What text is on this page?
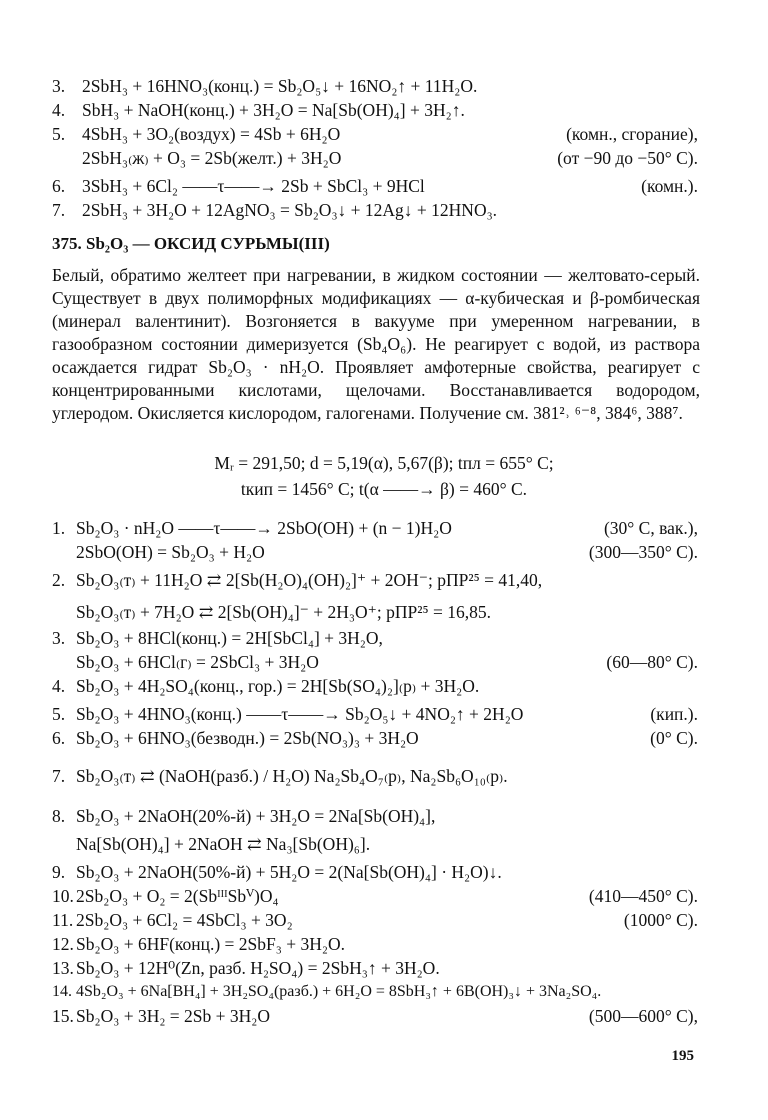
3. 2SbH₃ + 16HNO₃(конц.) = Sb₂O₅↓ + 16NO₂↑ + 11H₂O.
4. SbH₃ + NaOH(конц.) + 3H₂O = Na[Sb(OH)₄] + 3H₂↑.
5. 4SbH₃ + 3O₂(воздух) = 4Sb + 6H₂O	(комн., сгорание),
2SbH₃₍ж₎ + O₃ = 2Sb(желт.) + 3H₂O	(от −90 до −50° С).
6. 3SbH₃ + 6Cl₂ ——τ——→ 2Sb + SbCl₃ + 9HCl	(комн.).
7. 2SbH₃ + 3H₂O + 12AgNO₃ = Sb₂O₃↓ + 12Ag↓ + 12HNO₃.
375. Sb₂O₃ — ОКСИД СУРЬМЫ(III)

Белый, обратимо желтеет при нагревании, в жидком состоянии — желтовато-серый. Существует в двух полиморфных модификациях — α-кубическая и β-ромбическая (минерал валентинит). Возгоняется в вакууме при умеренном нагревании, в газообразном состоянии димеризуется (Sb₄O₆). Не реагирует с водой, из раствора осаждается гидрат Sb₂O₃ · nH₂O. Проявляет амфотерные свойства, реагирует с концентрированными кислотами, щелочами. Восстанавливается водородом, углеродом. Окисляется кислородом, галогенами. Получение см. 381²˒ ⁶⁻⁸, 384⁶, 388⁷.

Mᵣ = 291,50; d = 5,19(α), 5,67(β); tпл = 655° С;
tкип = 1456° С; t(α ——→ β) = 460° С.
1. Sb₂O₃ · nH₂O ——τ——→ 2SbO(OH) + (n − 1)H₂O	(30° С, вак.),
2SbO(OH) = Sb₂O₃ + H₂O	(300—350° С).
2. Sb₂O₃₍т₎ + 11H₂O ⇄ 2[Sb(H₂O)₄(OH)₂]⁺ + 2OH⁻; рПР²⁵ = 41,40,
Sb₂O₃₍т₎ + 7H₂O ⇄ 2[Sb(OH)₄]⁻ + 2H₃O⁺; рПР²⁵ = 16,85.
3. Sb₂O₃ + 8HCl(конц.) = 2H[SbCl₄] + 3H₂O,
Sb₂O₃ + 6HCl₍г₎ = 2SbCl₃ + 3H₂O	(60—80° С).
4. Sb₂O₃ + 4H₂SO₄(конц., гор.) = 2H[Sb(SO₄)₂]₍р₎ + 3H₂O.
5. Sb₂O₃ + 4HNO₃(конц.) ——τ——→ Sb₂O₅↓ + 4NO₂↑ + 2H₂O	(кип.).
6. Sb₂O₃ + 6HNO₃(безводн.) = 2Sb(NO₃)₃ + 3H₂O	(0° С).
7. Sb₂O₃₍т₎ ⇄ (NaOH(разб.) / H₂O) Na₂Sb₄O₇₍р₎, Na₂Sb₆O₁₀₍р₎.
8. Sb₂O₃ + 2NaOH(20%-й) + 3H₂O = 2Na[Sb(OH)₄],
Na[Sb(OH)₄] + 2NaOH ⇄ Na₃[Sb(OH)₆].
9. Sb₂O₃ + 2NaOH(50%-й) + 5H₂O = 2(Na[Sb(OH)₄] · H₂O)↓.
10. 2Sb₂O₃ + O₂ = 2(SbᴵᴵᴵSbⱽ)O₄	(410—450° С).
11. 2Sb₂O₃ + 6Cl₂ = 4SbCl₃ + 3O₂	(1000° С).
12. Sb₂O₃ + 6HF(конц.) = 2SbF₃ + 3H₂O.
13. Sb₂O₃ + 12H⁰(Zn, разб. H₂SO₄) = 2SbH₃↑ + 3H₂O.
14. 4Sb₂O₃ + 6Na[BH₄] + 3H₂SO₄(разб.) + 6H₂O = 8SbH₃↑ + 6B(OH)₃↓ + 3Na₂SO₄.
15. Sb₂O₃ + 3H₂ = 2Sb + 3H₂O	(500—600° С),
195
